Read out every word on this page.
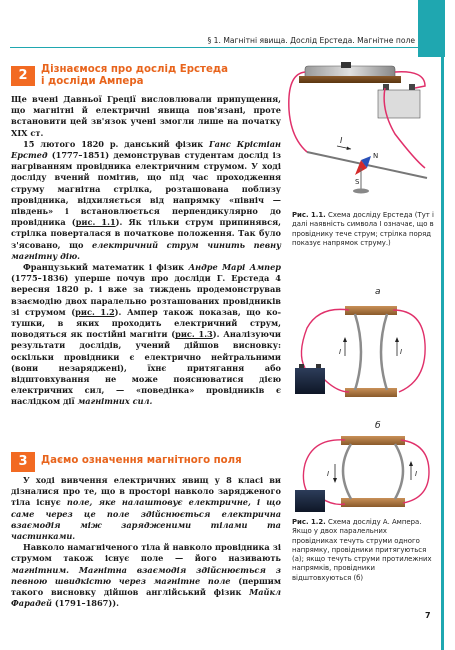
§ 1. Магнітні явища. Дослід Ерстеда. Магнітне поле
2	Дізнаємося про дослід Ерстеда
і досліди Ампера

Ще вчені Давньої Греції висловлювали припущення, що магнітні й електричні явища пов'язані, проте встановити цей зв'язок учені змогли лише на початку XIX ст.

15 лютого 1820 р. данський фізик Ганс Крістіан Ерстед (1777–1851) демонстрував студентам дослід із нагріванням провідника електричним струмом. У ході досліду вчений помітив, що під час проходження струму магнітна стрілка, розташована поблизу провідника, відхиляється від напрямку «північ — південь» і встановлюється перпендикулярно до провідника (рис. 1.1). Як тільки струм припинявся, стрілка поверталася в початкове положення. Так було з'ясовано, що електричний струм чинить певну магнітну дію.

Французький математик і фізик Андре Марі Ампер (1775–1836) уперше почув про досліди Г. Ерстеда 4 вересня 1820 р. і вже за тиждень продемонстрував взаємодію двох паралельно розташованих провідників зі струмом (рис. 1.2). Ампер також показав, що котушки, в яких проходить електричний струм, поводяться як постійні магніти (рис. 1.3). Аналізуючи результати дослідів, учений дійшов висновку: оскільки провідники є електрично нейтральними (вони незаряджені), їхнє притягання або відштовхування не може пояснюватися дією електричних сил, — «поведінка» провідників є наслідком дії магнітних сил.

3	Даємо означення магнітного поля

У ході вивчення електричних явищ у 8 класі ви дізналися про те, що в просторі навколо зарядженого тіла існує поле, яке налаштовує електричне, і що саме через це поле здійснюється електрична взаємодія між зарядженими тілами та частинками.

Навколо намагніченого тіла й навколо провідника зі струмом також існує поле — його називають магнітним. Магнітна взаємодія здійснюється з певною швидкістю через магнітне поле (першим такого висновку дійшов англійський фізик Майкл Фарадей (1791–1867)).

I
N
S
Рис. 1.1. Схема досліду Ерстеда (Тут і далі наявність символа I означає, що в провіднику тече струм; стрілка поряд показує напрямок струму.)
а
I	I
б
I	I
Рис. 1.2. Схема досліду А. Ампера. Якщо у двох паралельних провідниках течуть струми одного напрямку, провідники притягуються (а); якщо течуть струми протилежних напрямків, провідники відштовхуються (б)
7
